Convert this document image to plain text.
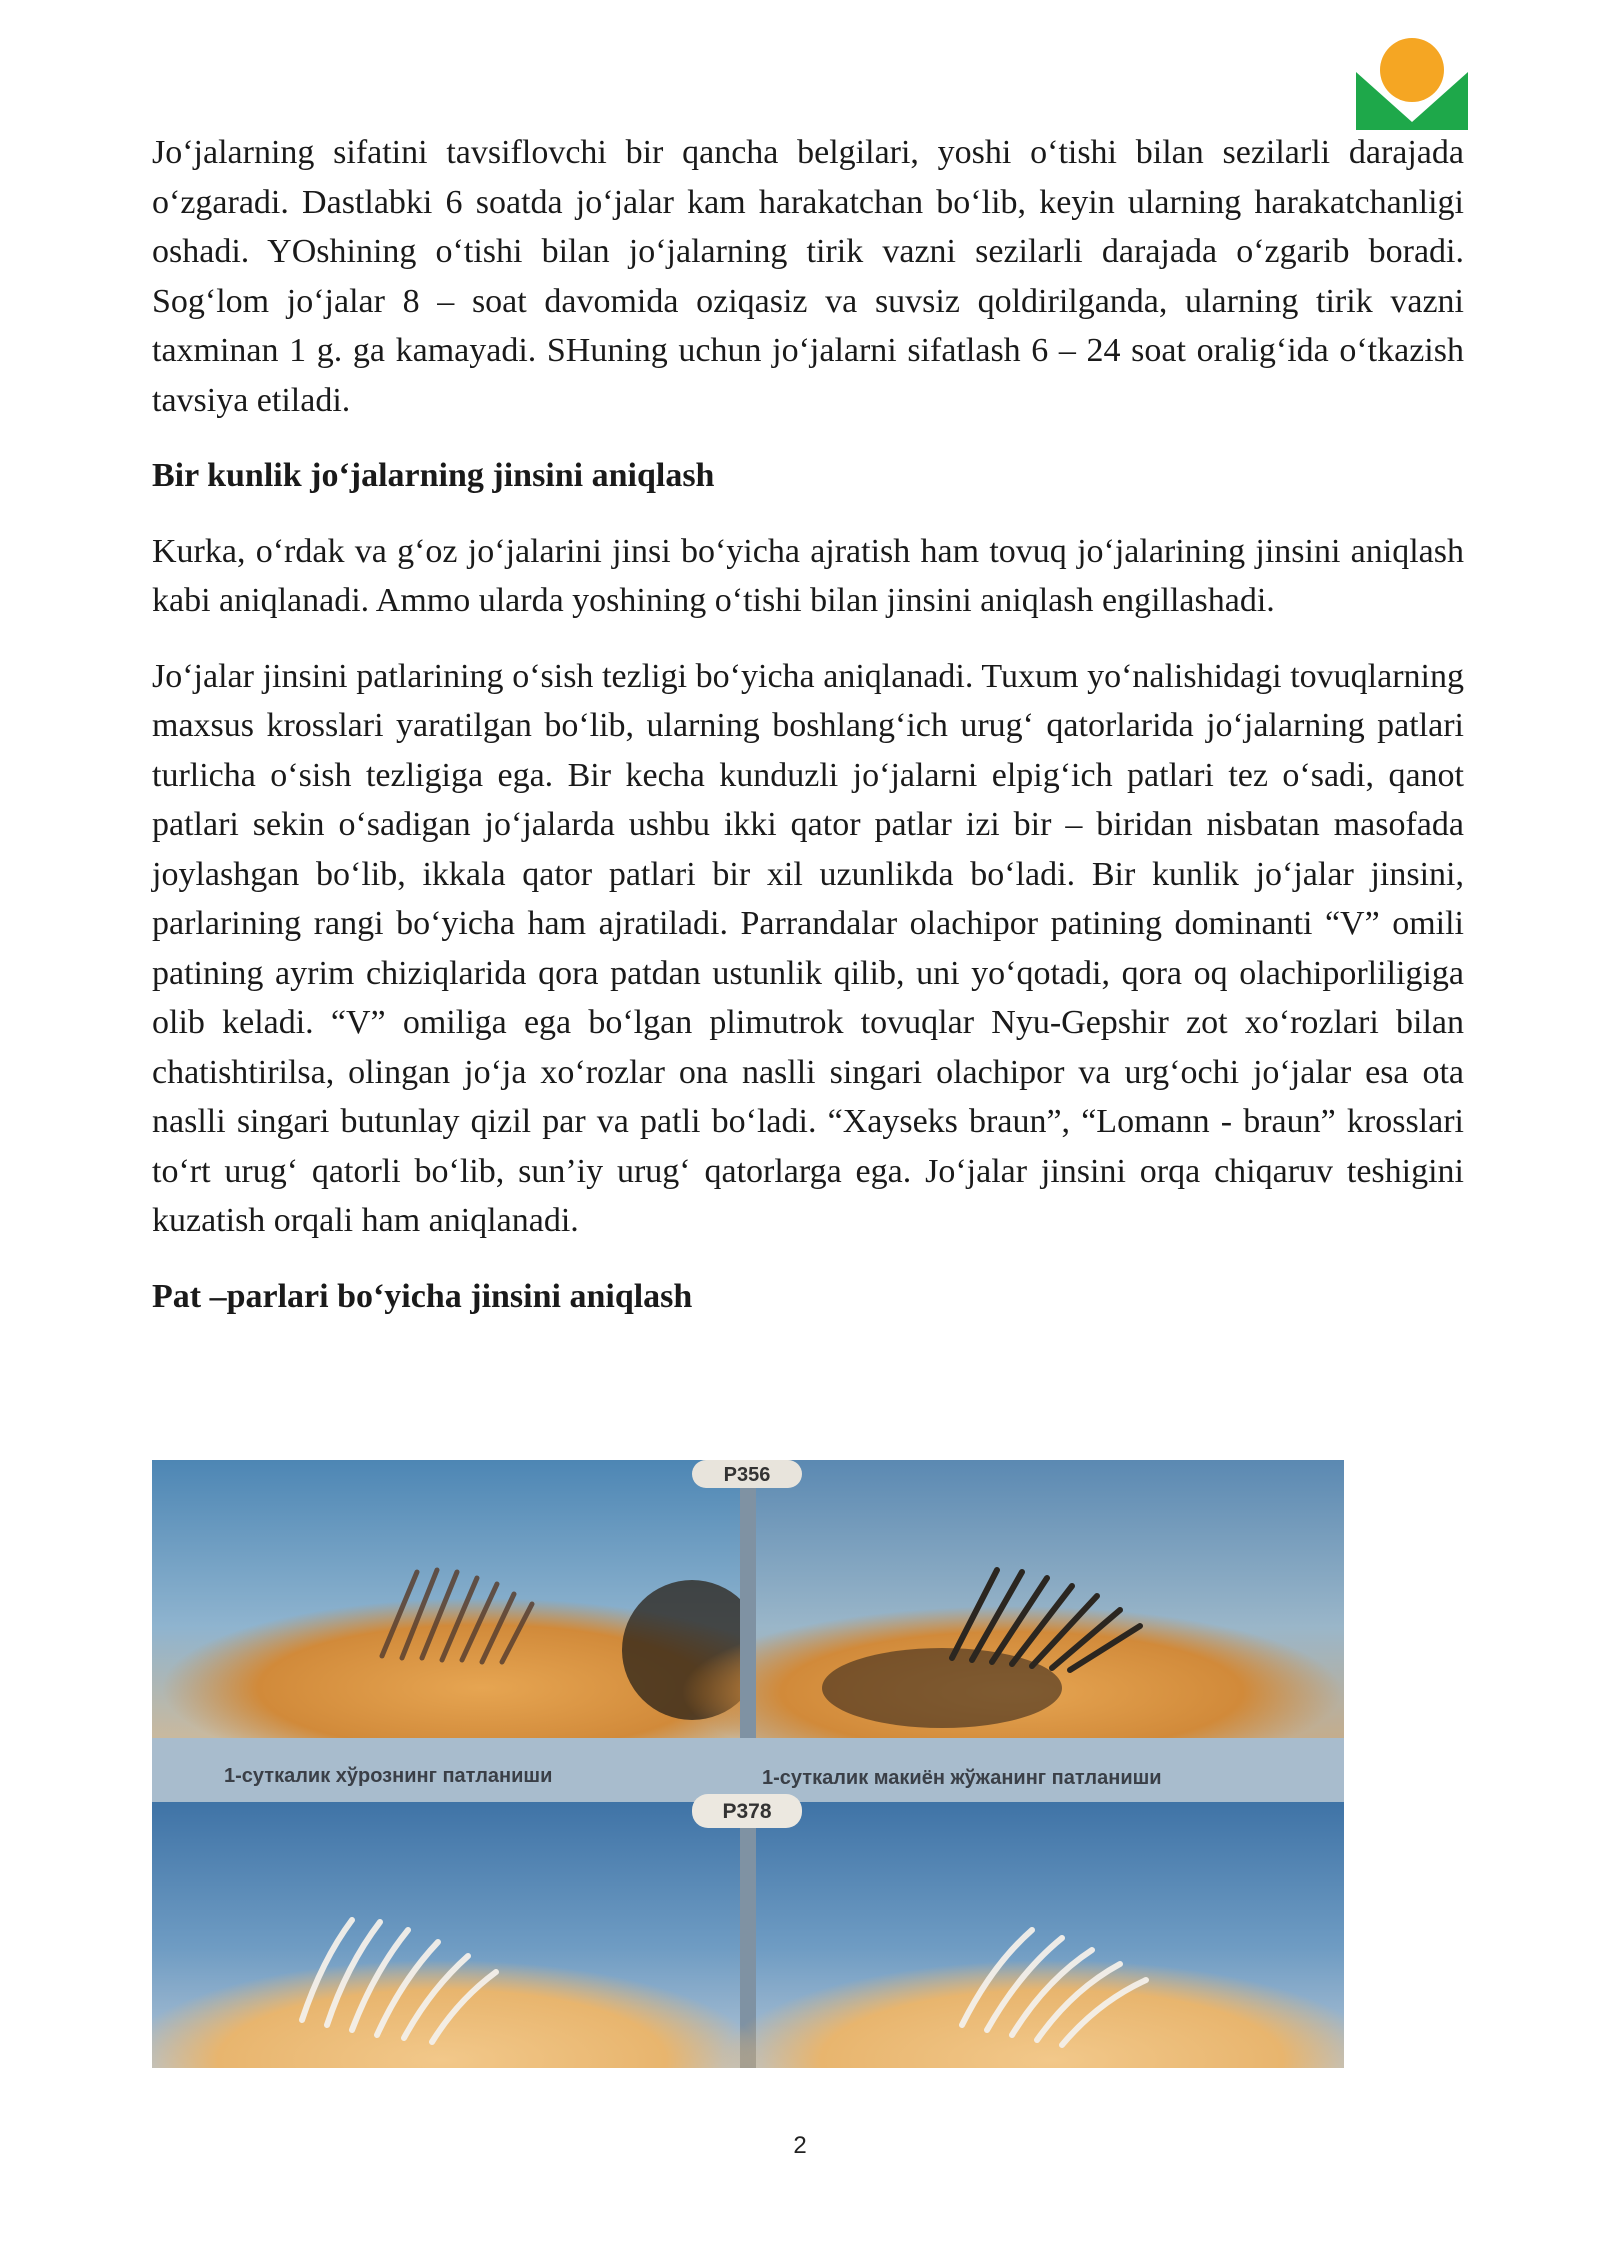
Jo‘jalarning sifatini tavsiflovchi bir qancha belgilari, yoshi o‘tishi bilan sezilarli darajada o‘zgaradi. Dastlabki 6 soatda jo‘jalar kam harakatchan bo‘lib, keyin ularning harakatchanligi oshadi. YOshining o‘tishi bilan jo‘jalarning tirik vazni sezilarli darajada o‘zgarib boradi. Sog‘lom jo‘jalar 8 – soat davomida oziqasiz va suvsiz qoldirilganda, ularning tirik vazni taxminan 1 g. ga kamayadi. SHuning uchun jo‘jalarni sifatlash 6 – 24 soat oralig‘ida o‘tkazish tavsiya etiladi.

Bir kunlik jo‘jalarning jinsini aniqlash

Kurka, o‘rdak va g‘oz jo‘jalarini jinsi bo‘yicha ajratish ham tovuq jo‘jalarining jinsini aniqlash kabi aniqlanadi. Ammo ularda yoshining o‘tishi bilan jinsini aniqlash engillashadi.

Jo‘jalar jinsini patlarining o‘sish tezligi bo‘yicha aniqlanadi. Tuxum yo‘nalishidagi tovuqlarning maxsus krosslari yaratilgan bo‘lib, ularning boshlang‘ich urug‘ qatorlarida jo‘jalarning patlari turlicha o‘sish tezligiga ega. Bir kecha kunduzli jo‘jalarni elpig‘ich patlari tez o‘sadi, qanot patlari sekin o‘sadigan jo‘jalarda ushbu ikki qator patlar izi bir – biridan nisbatan masofada joylashgan bo‘lib, ikkala qator patlari bir xil uzunlikda bo‘ladi. Bir kunlik jo‘jalar jinsini, parlarining rangi bo‘yicha ham ajratiladi. Parrandalar olachipor patining dominanti “V” omili patining ayrim chiziqlarida qora patdan ustunlik qilib, uni yo‘qotadi, qora oq olachiporliligiga olib keladi. “V” omiliga ega bo‘lgan plimutrok tovuqlar Nyu-Gepshir zot xo‘rozlari bilan chatishtirilsa, olingan jo‘ja xo‘rozlar ona naslli singari olachipor va urg‘ochi jo‘jalar esa ota naslli singari butunlay qizil par va patli bo‘ladi. “Xayseks braun”, “Lomann - braun” krosslari to‘rt urug‘ qatorli bo‘lib, sun’iy urug‘ qatorlarga ega. Jo‘jalar jinsini orqa chiqaruv teshigini kuzatish orqali ham aniqlanadi.

Pat –parlari bo‘yicha jinsini aniqlash
P356
P378
1-суткалик хўрознинг патланиши	1-суткалик макиён жўжанинг патланиши
2
